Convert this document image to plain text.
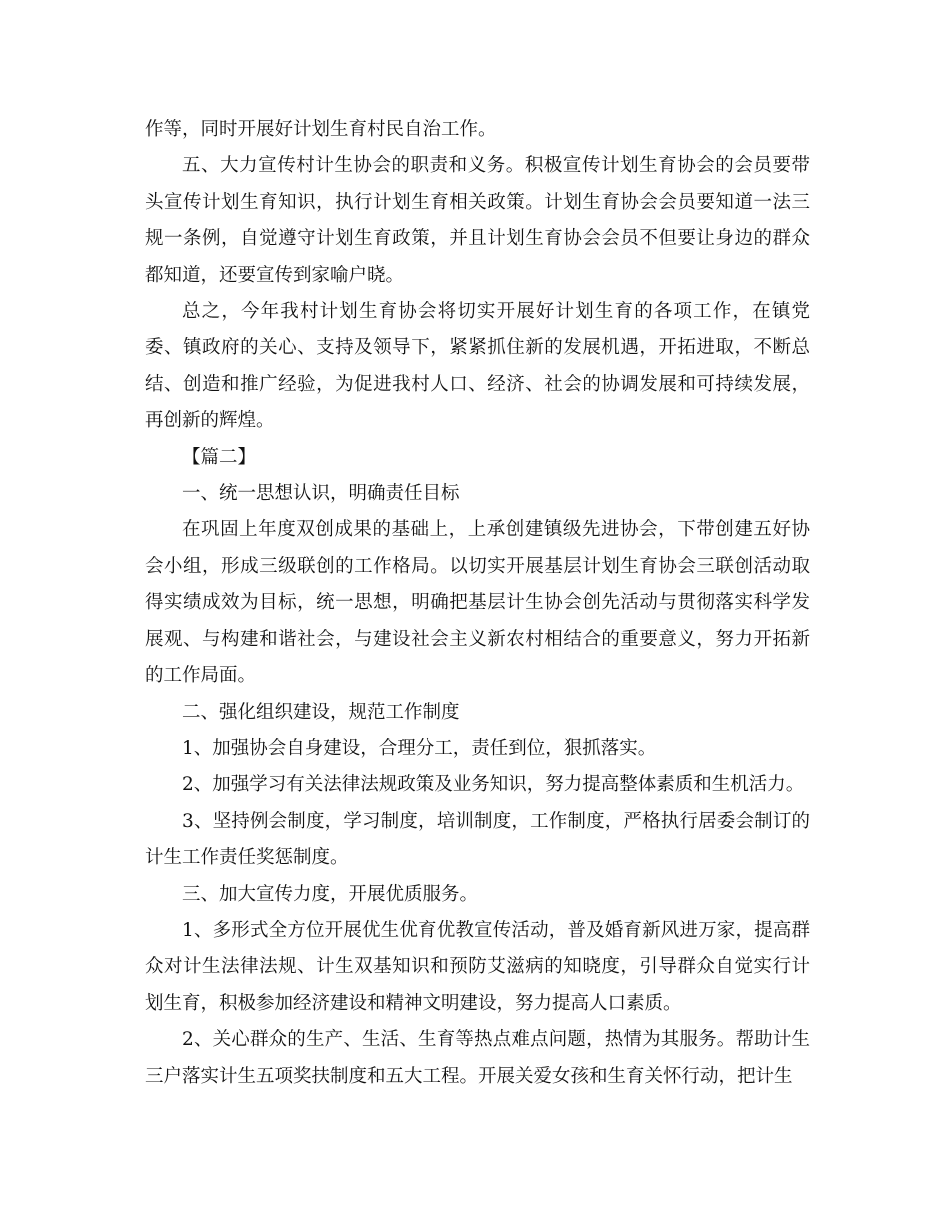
作等，同时开展好计划生育村民自治工作。

五、大力宣传村计生协会的职责和义务。积极宣传计划生育协会的会员要带头宣传计划生育知识，执行计划生育相关政策。计划生育协会会员要知道一法三规一条例，自觉遵守计划生育政策，并且计划生育协会会员不但要让身边的群众都知道，还要宣传到家喻户晓。

总之，今年我村计划生育协会将切实开展好计划生育的各项工作，在镇党委、镇政府的关心、支持及领导下，紧紧抓住新的发展机遇，开拓进取，不断总结、创造和推广经验，为促进我村人口、经济、社会的协调发展和可持续发展，再创新的辉煌。

【篇二】

一、统一思想认识，明确责任目标

在巩固上年度双创成果的基础上，上承创建镇级先进协会，下带创建五好协会小组，形成三级联创的工作格局。以切实开展基层计划生育协会三联创活动取得实绩成效为目标，统一思想，明确把基层计生协会创先活动与贯彻落实科学发展观、与构建和谐社会，与建设社会主义新农村相结合的重要意义，努力开拓新的工作局面。

二、强化组织建设，规范工作制度

1、加强协会自身建设，合理分工，责任到位，狠抓落实。

2、加强学习有关法律法规政策及业务知识，努力提高整体素质和生机活力。

3、坚持例会制度，学习制度，培训制度，工作制度，严格执行居委会制订的计生工作责任奖惩制度。

三、加大宣传力度，开展优质服务。

1、多形式全方位开展优生优育优教宣传活动，普及婚育新风进万家，提高群众对计生法律法规、计生双基知识和预防艾滋病的知晓度，引导群众自觉实行计划生育，积极参加经济建设和精神文明建设，努力提高人口素质。

2、关心群众的生产、生活、生育等热点难点问题，热情为其服务。帮助计生三户落实计生五项奖扶制度和五大工程。开展关爱女孩和生育关怀行动，把计生
